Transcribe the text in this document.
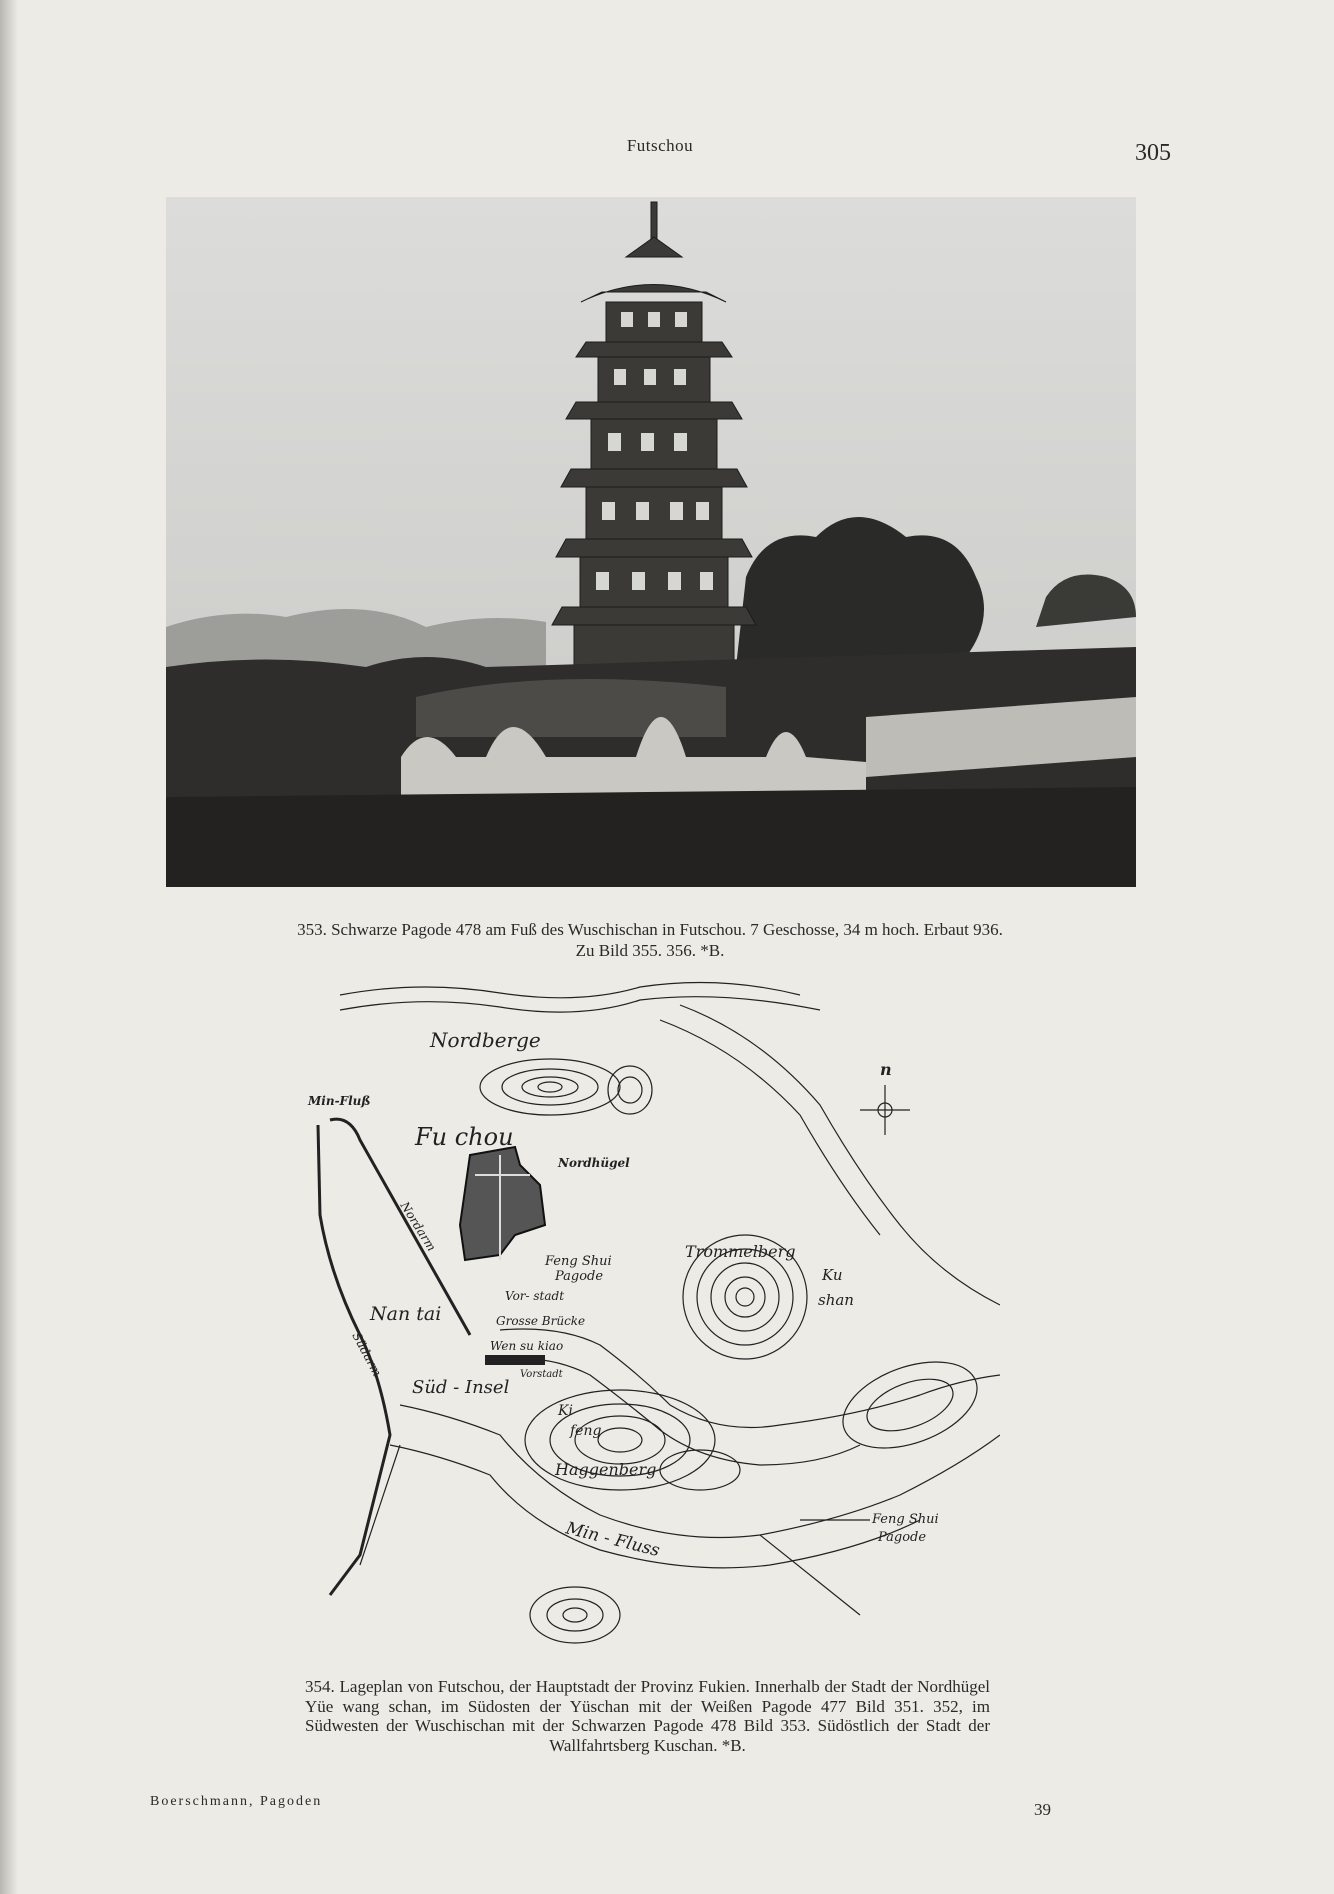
Futschou	305
353. Schwarze Pagode 478 am Fuß des Wuschischan in Futschou. 7 Geschosse, 34 m hoch. Erbaut 936.
Zu Bild 355. 356. *B.
Nordberge
Fu chou
Min-Fluß
Nordhügel
Nordarm
Feng Shui
Pagode
Vor- stadt
Grosse Brücke
Wen su kiao
Vorstadt
Nan tai
Südarm
Süd - Insel
Trommelberg
Ku
shan
Ki
feng
Haggenberg
Min - Fluss	Feng Shui
Pagode
n
354. Lageplan von Futschou, der Hauptstadt der Provinz Fukien. Innerhalb der Stadt der Nordhügel Yüe wang schan, im Südosten der Yüschan mit der Weißen Pagode 477 Bild 351. 352, im Südwesten der Wuschischan mit der Schwarzen Pagode 478 Bild 353. Südöstlich der Stadt der Wallfahrtsberg Kuschan. *B.
Boerschmann, Pagoden	39
